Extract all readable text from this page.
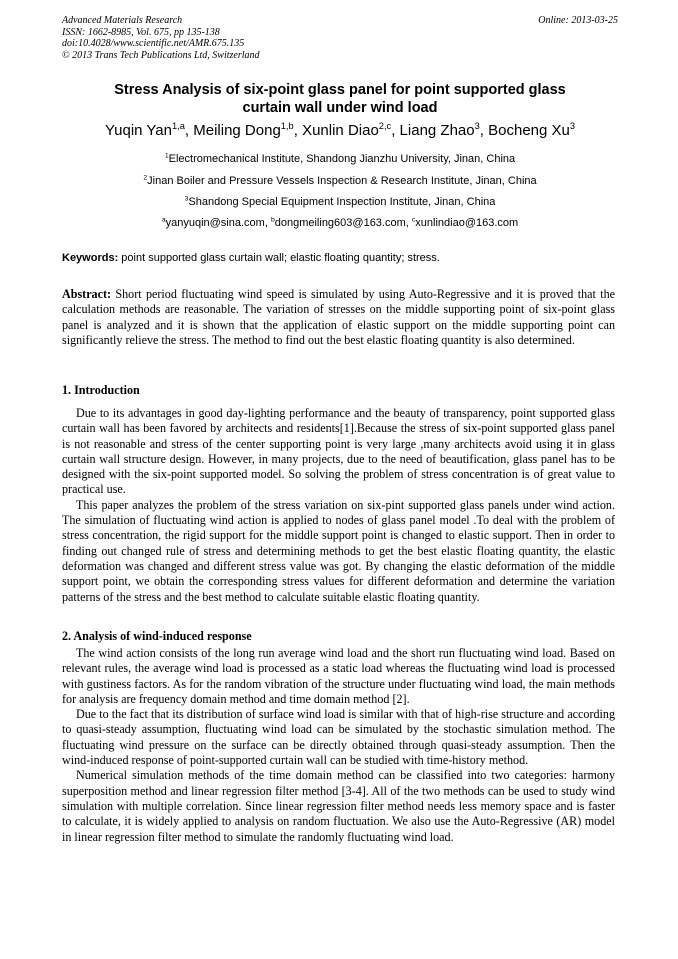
Advanced Materials Research
ISSN: 1662-8985, Vol. 675, pp 135-138
doi:10.4028/www.scientific.net/AMR.675.135
© 2013 Trans Tech Publications Ltd, Switzerland
Online: 2013-03-25
Stress Analysis of six-point glass panel for point supported glass
curtain wall under wind load
Yuqin Yan$^{1,a}$, Meiling Dong$^{1,b}$, Xunlin Diao$^{2,c}$, Liang Zhao$^3$, Bocheng Xu$^3$
$^1$Electromechanical Institute, Shandong Jianzhu University, Jinan, China
$^2$Jinan Boiler and Pressure Vessels Inspection & Research Institute, Jinan, China
$^3$Shandong Special Equipment Inspection Institute, Jinan, China
$^a$yanyuqin@sina.com, $^b$dongmeiling603@163.com, $^c$xunlindiao@163.com
Keywords: point supported glass curtain wall; elastic floating quantity; stress.

Abstract: Short period fluctuating wind speed is simulated by using Auto-Regressive and it is proved that the calculation methods are reasonable. The variation of stresses on the middle supporting point of six-point glass panel is analyzed and it is shown that the application of elastic support on the middle supporting point can significantly relieve the stress. The method to find out the best elastic floating quantity is also determined.

1. Introduction

Due to its advantages in good day-lighting performance and the beauty of transparency, point supported glass curtain wall has been favored by architects and residents[1].Because the stress of six-point supported glass panel is not reasonable and stress of the center supporting point is very large ,many architects avoid using it in glass curtain wall structure design. However, in many projects, due to the need of beautification, glass panel has to be designed with the six-point supported model. So solving the problem of stress concentration is of great value to practical use.

This paper analyzes the problem of the stress variation on six-pint supported glass panels under wind action. The simulation of fluctuating wind action is applied to nodes of glass panel model .To deal with the problem of stress concentration, the rigid support for the middle support point is changed to elastic support. Then in order to finding out changed rule of stress and determining methods to get the best elastic floating quantity, the elastic deformation was changed and different stress value was got. By changing the elastic deformation of the middle support point, we obtain the corresponding stress values for different deformation and determine the variation patterns of the stress and the best method to calculate suitable elastic floating quantity.

2. Analysis of wind-induced response

The wind action consists of the long run average wind load and the short run fluctuating wind load. Based on relevant rules, the average wind load is processed as a static load whereas the fluctuating wind load is processed with gustiness factors. As for the random vibration of the structure under fluctuating wind load, the main methods for analysis are frequency domain method and time domain method [2].

Due to the fact that its distribution of surface wind load is similar with that of high-rise structure and according to quasi-steady assumption, fluctuating wind load can be simulated by the stochastic simulation method. The fluctuating wind pressure on the surface can be directly obtained through quasi-steady assumption. Then the wind-induced response of point-supported curtain wall can be studied with time-history method.

Numerical simulation methods of the time domain method can be classified into two categories: harmony superposition method and linear regression filter method [3-4]. All of the two methods can be used to study wind simulation with multiple correlation. Since linear regression filter method needs less memory space and is faster to calculate, it is widely applied to analysis on random fluctuation. We also use the Auto-Regressive (AR) model in linear regression filter method to simulate the randomly fluctuating wind load.
